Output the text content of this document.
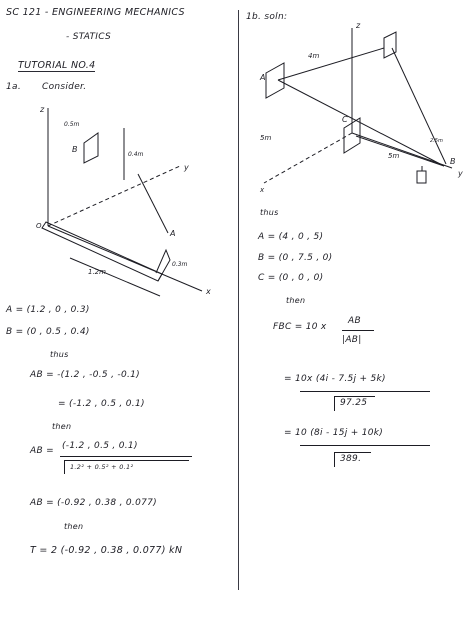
SC 121 - ENGINEERING MECHANICS
- STATICS
TUTORIAL NO.4
1a. Consider.
z
y
x
B
A
O
0.5m
0.4m
1.2m
0.3m
A = (1.2 , 0 , 0.3)
B = (0 , 0.5 , 0.4)
thus
AB = -(1.2 , -0.5 , -0.1)
= (-1.2 , 0.5 , 0.1)
then
AB = (-1.2 , 0.5 , 0.1)
1.2² + 0.5² + 0.1²
AB = (-0.92 , 0.38 , 0.077)
then
T = 2 (-0.92 , 0.38 , 0.077) kN
1b. soln:
z
A
B
C
y
x
4m
5m
5m
2.5m
thus
A = (4 , 0 , 5)
B = (0 , 7.5 , 0)
C = (0 , 0 , 0)
then
FBC = 10 x
AB
|AB|
= 10x (4i - 7.5j + 5k)
97.25
= 10 (8i - 15j + 10k)
389.
